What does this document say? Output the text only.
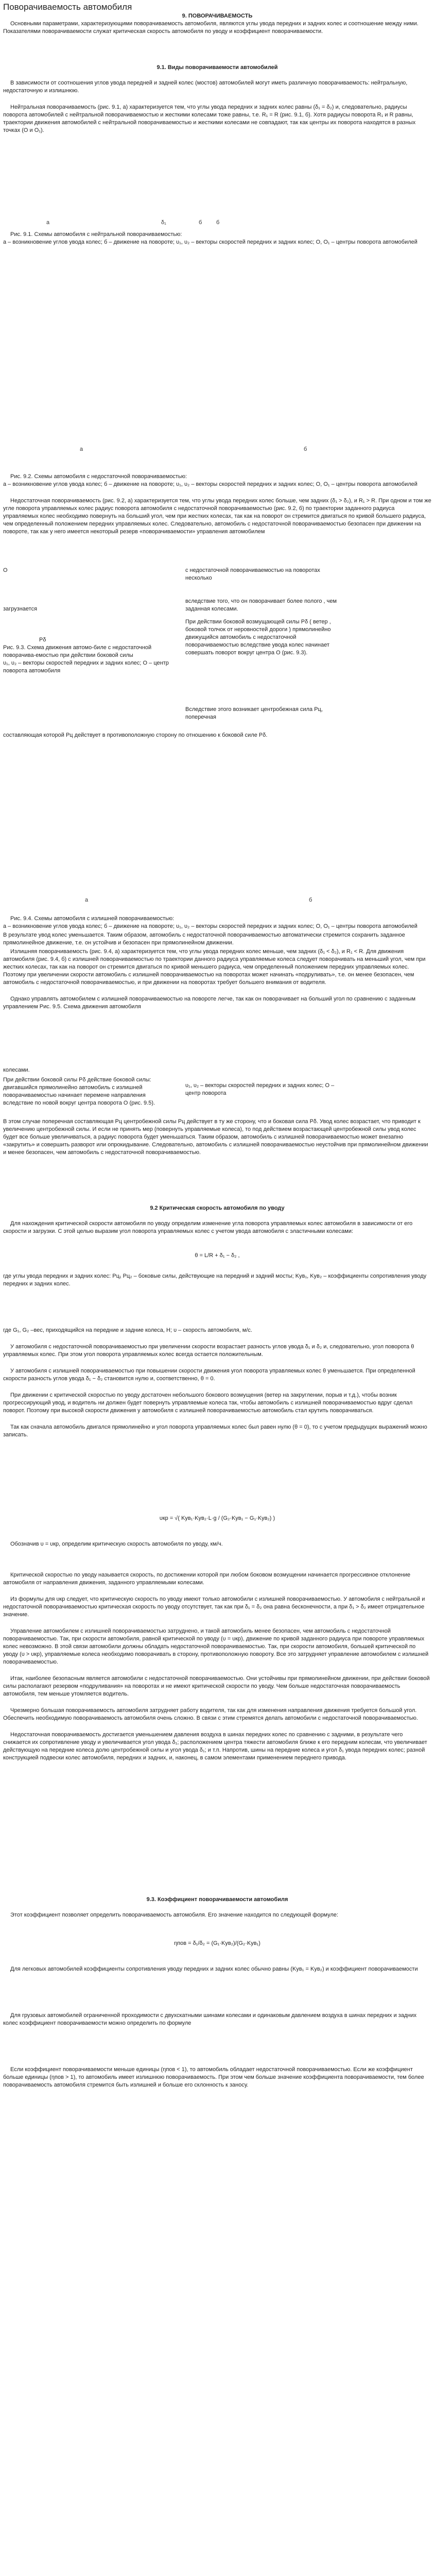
Поворачиваемость автомобиля

9. ПОВОРАЧИВАЕМОСТЬ

Основными параметрами, характеризующими поворачиваемость автомобиля, являются углы увода передних и задних колес и соотношение между ними. Показателями поворачиваемости служат критическая скорость автомобиля по уводу и коэффициент поворачиваемости.

9.1. Виды поворачиваемости автомобилей

В зависимости от соотношения углов увода передней и задней колес (мостов) автомобилей могут иметь различную поворачиваемость: нейтральную, недостаточную и излишнюю.

Нейтральная поворачиваемость (рис. 9.1, а) характеризуется тем, что углы увода передних и задних колес равны (δ₁ = δ₂) и, следовательно, радиусы поворота автомобилей с нейтральной поворачиваемостью и жесткими колесами тоже равны, т.е. R₁ = R (рис. 9.1, б). Хотя радиусы поворота R₁ и R равны, траектории движения автомобилей с нейтральной поворачиваемостью и жесткими колесами не совпадают, так как центры их поворота находятся в разных точках (О и О₁).

а	δ₁	б	б

Рис. 9.1. Схемы автомобиля с нейтральной поворачиваемостью:

а – возникновение углов увода колес; б – движение на повороте; υ₁, υ₂ – векторы скоростей передних и задних колес; О, О₁ – центры поворота автомобилей

а	б

Рис. 9.2. Схемы автомобиля с недостаточной поворачиваемостью:

а – возникновение углов увода колес; б – движение на повороте; υ₁, υ₂ – векторы скоростей передних и задних колес; О, О₁ – центры поворота автомобилей

Недостаточная поворачиваемость (рис. 9.2, а) характеризуется тем, что углы увода передних колес больше, чем задних (δ₁ > δ₂), и R₁ > R. При одном и том же угле поворота управляемых колес радиус поворота автомобиля с недостаточной поворачиваемостью (рис. 9.2, б) по траектории заданного радиуса управляемых колес необходимо повернуть на больший угол, чем при жестких колесах, так как на поворот он стремится двигаться по кривой большего радиуса, чем определенный положением передних управляемых колес. Следовательно, автомобиль с недостаточной поворачиваемостью безопасен при движении на повороте, так как у него имеется некоторый резерв «поворачиваемости» управления автомобилем

О
загрузнается
с недостаточной поворачиваемостью на поворотах несколько
вследствие того, что он поворачивает более полого , чем заданная колесами.
При действии боковой возмущающей силы Pδ ( ветер , боковой толчок от неровностей дороги ) прямолинейно движущийся автомобиль с недостаточной поворачиваемостью вследствие увода колес начинает совершать поворот вокруг центра О (рис. 9.3).
Pδ
Рис. 9.3. Схема движения автомо-биле с недостаточной поворачива-емостью при действии боковой силы
υ₁, υ₂ – векторы скоростей передних и задних колес; О – центр поворота автомобиля
Вследствие этого возникает центробежная сила Pц, поперечная

составляющая которой Pц действует в противоположную сторону по отношению к боковой силе Pδ.

а	б

Рис. 9.4. Схемы автомобиля с излишней поворачиваемостью:

а – возникновение углов увода колес; б – движение на повороте; υ₁, υ₂ – векторы скоростей передних и задних колес; О, О₁ – центры поворота автомобилей

В результате увод колес уменьшается. Таким образом, автомобиль с недостаточной поворачиваемостью автоматически стремится сохранить заданное прямолинейное движение, т.е. он устойчив и безопасен при прямолинейном движении.

Излишняя поворачиваемость (рис. 9.4, а) характеризуется тем, что углы увода передних колес меньше, чем задних (δ₁ < δ₂), и R₁ < R. Для движения автомобиля (рис. 9.4, б) с излишней поворачиваемостью по траектории данного радиуса управляемые колеса следует поворачивать на меньший угол, чем при жестких колесах, так как на поворот он стремится двигаться по кривой меньшего радиуса, чем определенный положением передних управляемых колес. Поэтому при увеличении скорости автомобиль с излишней поворачиваемостью на поворотах может начинать «подруливать», т.е. он менее безопасен, чем автомобиль с недостаточной поворачиваемостью, и при движении на поворотах требует большего внимания от водителя.

Однако управлять автомобилем с излишней поворачиваемостью на повороте легче, так как он поворачивает на больший угол по сравнению с заданным управлением Рис. 9.5. Схема движения автомобиля

колесами.
При действии боковой силы Pδ действие боковой силы:
двигавшийся прямолинейно автомобиль с излишней
поворачиваемостью начинает перемене направления
вследствие по новой вокруг центра поворота О (рис. 9.5).
υ₁, υ₂ – векторы скоростей передних и задних колес; О – центр поворота

В этом случае поперечная составляющая Pц центробежной силы Pц действует в ту же сторону, что и боковая сила Pδ. Увод колес возрастает, что приводит к увеличению центробежной силы. И если не принять мер (повернуть управляемые колеса), то под действием возрастающей центробежной силы увод колес будет все больше увеличиваться, а радиус поворота будет уменьшаться. Таким образом, автомобиль с излишней поворачиваемостью может внезапно «закрутить» и совершить разворот или опрокидывание. Следовательно, автомобиль с излишней поворачиваемостью неустойчив при прямолинейном движении и менее безопасен, чем автомобиль с недостаточной поворачиваемостью.

9.2 Критическая скорость автомобиля по уводу

Для нахождения критической скорости автомобиля по уводу определим изменение угла поворота управляемых колес автомобиля в зависимости от его скорости и загрузки. С этой целью выразим угол поворота управляемых колес с учетом увода автомобиля с эластичными колесами:

θ = L/R + δ₁ − δ₂ ,

где углы увода передних и задних колес: Pц₁ Pц₂ – боковые силы, действующие на передний и задний мосты; Kув₁, Kув₂ – коэффициенты сопротивления уводу передних и задних колес.

где G₁, G₂ –вес, приходящийся на передние и задние колеса, H; υ – скорость автомобиля, м/с.

У автомобиля с недостаточной поворачиваемостью при увеличении скорости возрастает разность углов увода δ₁ и δ₂ и, следовательно, угол поворота θ управляемых колес. При этом угол поворота управляемых колес всегда остается положительным.

У автомобиля с излишней поворачиваемостью при повышении скорости движения угол поворота управляемых колес θ уменьшается. При определенной скорости разность углов увода δ₁ − δ₂ становится нулю и, соответственно, θ = 0.

При движении с критической скоростью по уводу достаточен небольшого бокового возмущения (ветер на закруглении, порыв и т.д.), чтобы возник прогрессирующий увод, и водитель ни должен будет повернуть управляемые колеса так, чтобы автомобиль с излишней поворачиваемостью вдруг сделал поворот. Поэтому при высокой скорости движения у автомобиля с излишней поворачиваемостью автомобиль стал крутить поворачиваться.

Так как сначала автомобиль двигался прямолинейно и угол поворота управляемых колес был равен нулю (θ = 0), то с учетом предыдущих выражений можно записать.

υкр = √( Kув₁·Kув₂·L·g / (G₂·Kув₁ − G₁·Kув₂) )

Обозначив υ = υкр, определим критическую скорость автомобиля по уводу, км/ч.

Критической скоростью по уводу называется скорость, по достижении которой при любом боковом возмущении начинается прогрессивное отклонение автомобиля от направления движения, заданного управляемыми колесами.

Из формулы для υкр следует, что критическую скорость по уводу имеют только автомобили с излишней поворачиваемостью. У автомобиля с нейтральной и недостаточной поворачиваемостью критическая скорость по уводу отсутствует, так как при δ₁ = δ₂ она равна бесконечности, а при δ₁ > δ₂ имеет отрицательное значение.

Управление автомобилем с излишней поворачиваемостью затруднено, и такой автомобиль менее безопасен, чем автомобиль с недостаточной поворачиваемостью. Так, при скорости автомобиля, равной критической по уводу (υ = υкр), движение по кривой заданного радиуса при повороте управляемых колес невозможно. В этой связи автомобили должны обладать недостаточной поворачиваемостью. Так, при скорости автомобиля, большей критической по уводу (υ > υкр), управляемые колеса необходимо поворачивать в сторону, противоположную повороту. Все это затрудняет управление автомобилем с излишней поворачиваемостью.

Итак, наиболее безопасным является автомобили с недостаточной поворачиваемостью. Они устойчивы при прямолинейном движении, при действии боковой силы располагают резервом «подруливания» на поворотах и не имеют критической скорости по уводу. Чем больше недостаточная поворачиваемость автомобиля, тем меньше утомляется водитель.

Чрезмерно большая поворачиваемость автомобиля затрудняет работу водителя, так как для изменения направления движения требуется большой угол. Обеспечить необходимую поворачиваемость автомобиля очень сложно. В связи с этим стремятся делать автомобили с недостаточной поворачиваемостью.

Недостаточная поворачиваемость достигается уменьшением давления воздуха в шинах передних колес по сравнению с задними, в результате чего снижается их сопротивление уводу и увеличивается угол увода δ₁; расположением центра тяжести автомобиля ближе к его передним колесам, что увеличивает действующую на передние колеса долю центробежной силы и угол увода δ₁; и т.п. Напротив, шины на передние колеса и угол δ₁ увода передних колес; разной конструкцией подвески колес автомобиля, передних и задних, и, наконец, в самом элементами применением переднего привода.

9.3. Коэффициент поворачиваемости автомобиля

Этот коэффициент позволяет определить поворачиваемость автомобиля. Его значение находится по следующей формуле:

ηпов = δ₁/δ₂ = (G₁·Kув₂)/(G₂·Kув₁)

Для легковых автомобилей коэффициенты сопротивления уводу передних и задних колес обычно равны (Kув₁ = Kув₂) и коэффициент поворачиваемости

Для грузовых автомобилей ограниченной проходимости с двухскатными шинами колесами и одинаковым давлением воздуха в шинах передних и задних колес коэффициент поворачиваемости можно определить по формуле

Если коэффициент поворачиваемости меньше единицы (ηпов < 1), то автомобиль обладает недостаточной поворачиваемостью. Если же коэффициент больше единицы (ηпов > 1), то автомобиль имеет излишнюю поворачиваемость. При этом чем больше значение коэффициента поворачиваемости, тем более поворачиваемость автомобиля стремится быть излишней и больше его склонность к заносу.
